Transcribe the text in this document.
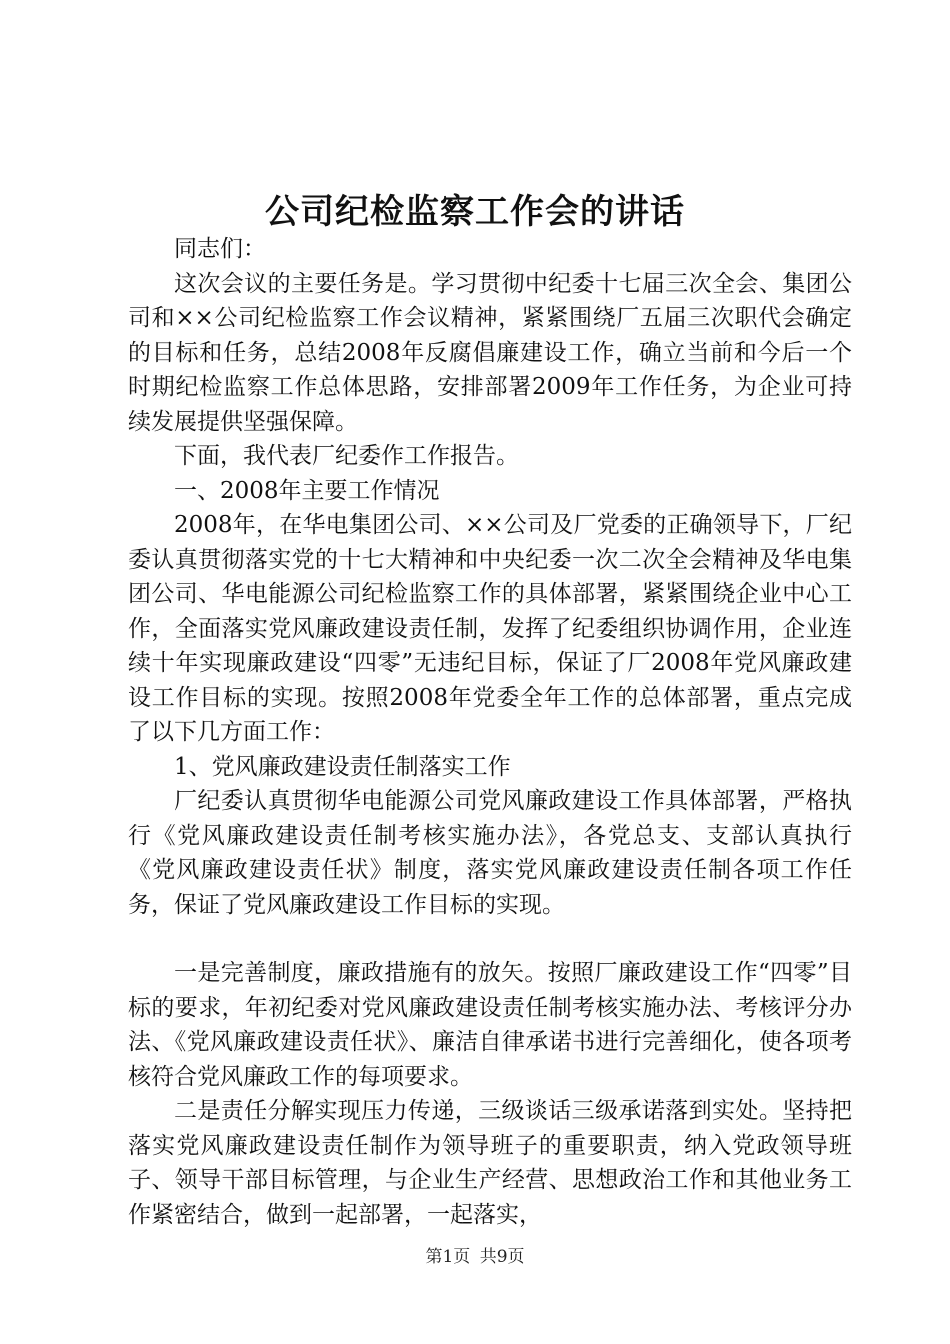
公司纪检监察工作会的讲话

同志们：

这次会议的主要任务是。学习贯彻中纪委十七届三次全会、集团公司和××公司纪检监察工作会议精神，紧紧围绕厂五届三次职代会确定的目标和任务，总结2008年反腐倡廉建设工作，确立当前和今后一个时期纪检监察工作总体思路，安排部署2009年工作任务，为企业可持续发展提供坚强保障。

下面，我代表厂纪委作工作报告。

一、2008年主要工作情况

2008年，在华电集团公司、××公司及厂党委的正确领导下，厂纪委认真贯彻落实党的十七大精神和中央纪委一次二次全会精神及华电集团公司、华电能源公司纪检监察工作的具体部署，紧紧围绕企业中心工作，全面落实党风廉政建设责任制，发挥了纪委组织协调作用，企业连续十年实现廉政建设“四零”无违纪目标，保证了厂2008年党风廉政建设工作目标的实现。按照2008年党委全年工作的总体部署，重点完成了以下几方面工作：

1、党风廉政建设责任制落实工作

厂纪委认真贯彻华电能源公司党风廉政建设工作具体部署，严格执行《党风廉政建设责任制考核实施办法》，各党总支、支部认真执行《党风廉政建设责任状》制度，落实党风廉政建设责任制各项工作任务，保证了党风廉政建设工作目标的实现。

一是完善制度，廉政措施有的放矢。按照厂廉政建设工作“四零”目标的要求，年初纪委对党风廉政建设责任制考核实施办法、考核评分办法、《党风廉政建设责任状》、廉洁自律承诺书进行完善细化，使各项考核符合党风廉政工作的每项要求。

二是责任分解实现压力传递，三级谈话三级承诺落到实处。坚持把落实党风廉政建设责任制作为领导班子的重要职责，纳入党政领导班子、领导干部目标管理，与企业生产经营、思想政治工作和其他业务工作紧密结合，做到一起部署，一起落实，

第1页 共9页
